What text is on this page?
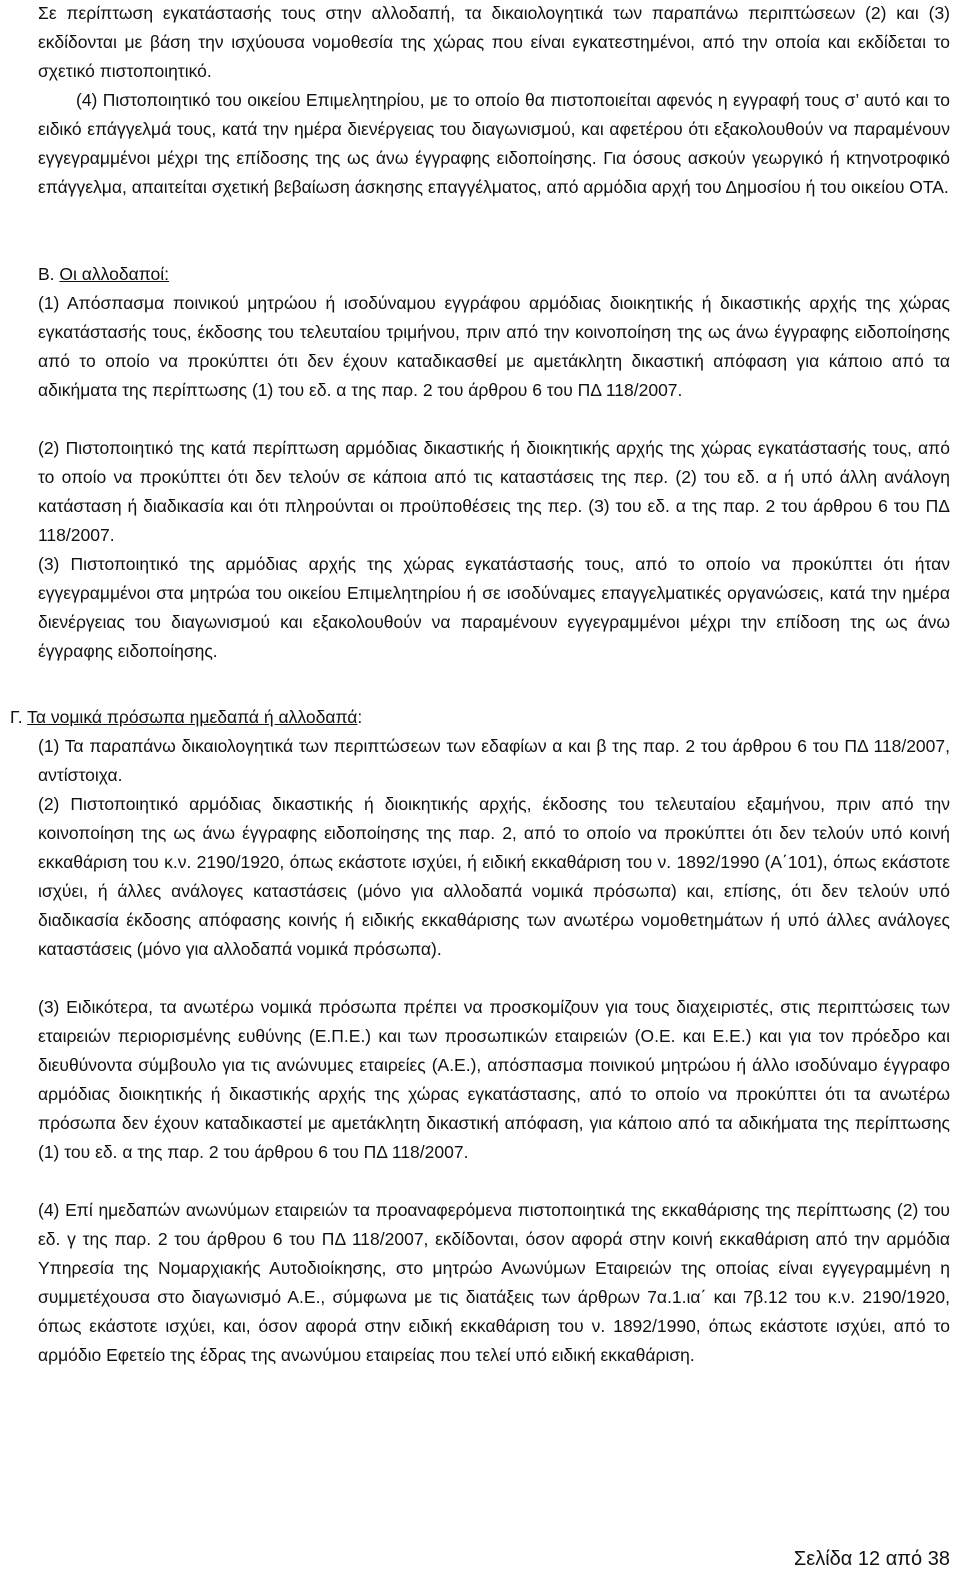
Σε περίπτωση εγκατάστασής τους στην αλλοδαπή, τα δικαιολογητικά των παραπάνω περιπτώσεων (2) και (3) εκδίδονται με βάση την ισχύουσα νομοθεσία της χώρας που είναι εγκατεστημένοι, από την οποία και εκδίδεται το σχετικό πιστοποιητικό.

(4) Πιστοποιητικό του οικείου Επιμελητηρίου, με το οποίο θα πιστοποιείται αφενός η εγγραφή τους σ’ αυτό και το ειδικό επάγγελμά τους, κατά την ημέρα διενέργειας του διαγωνισμού, και αφετέρου ότι εξακολουθούν να παραμένουν εγγεγραμμένοι μέχρι της επίδοσης της ως άνω έγγραφης ειδοποίησης. Για όσους ασκούν γεωργικό ή κτηνοτροφικό επάγγελμα, απαιτείται σχετική βεβαίωση άσκησης επαγγέλματος, από αρμόδια αρχή του Δημοσίου ή του οικείου ΟΤΑ.

Β. Οι αλλοδαποί:

(1) Απόσπασμα ποινικού μητρώου ή ισοδύναμου εγγράφου αρμόδιας διοικητικής ή δικαστικής αρχής της χώρας εγκατάστασής τους, έκδοσης του τελευταίου τριμήνου, πριν από την κοινοποίηση της ως άνω έγγραφης ειδοποίησης από το οποίο να προκύπτει ότι δεν έχουν καταδικασθεί με αμετάκλητη δικαστική απόφαση για κάποιο από τα αδικήματα της περίπτωσης (1) του εδ. α της παρ. 2 του άρθρου 6 του ΠΔ 118/2007.

(2) Πιστοποιητικό της κατά περίπτωση αρμόδιας δικαστικής ή διοικητικής αρχής της χώρας εγκατάστασής τους, από το οποίο να προκύπτει ότι δεν τελούν σε κάποια από τις καταστάσεις της περ. (2) του εδ. α ή υπό άλλη ανάλογη κατάσταση ή διαδικασία και ότι πληρούνται οι προϋποθέσεις της περ. (3) του εδ. α της παρ. 2 του άρθρου 6 του ΠΔ 118/2007.

(3) Πιστοποιητικό της αρμόδιας αρχής της χώρας εγκατάστασής τους, από το οποίο να προκύπτει ότι ήταν εγγεγραμμένοι στα μητρώα του οικείου Επιμελητηρίου ή σε ισοδύναμες επαγγελματικές οργανώσεις, κατά την ημέρα διενέργειας του διαγωνισμού και εξακολουθούν να παραμένουν εγγεγραμμένοι μέχρι την επίδοση της ως άνω έγγραφης ειδοποίησης.

Γ. Τα νομικά πρόσωπα ημεδαπά ή αλλοδαπά:

(1) Τα παραπάνω δικαιολογητικά των περιπτώσεων των εδαφίων α και β της παρ. 2 του άρθρου 6 του ΠΔ 118/2007, αντίστοιχα.

(2) Πιστοποιητικό αρμόδιας δικαστικής ή διοικητικής αρχής, έκδοσης του τελευταίου εξαμήνου, πριν από την κοινοποίηση της ως άνω έγγραφης ειδοποίησης της παρ. 2, από το οποίο να προκύπτει ότι δεν τελούν υπό κοινή εκκαθάριση του κ.ν. 2190/1920, όπως εκάστοτε ισχύει, ή ειδική εκκαθάριση του ν. 1892/1990 (Α΄101), όπως εκάστοτε ισχύει, ή άλλες ανάλογες καταστάσεις (μόνο για αλλοδαπά νομικά πρόσωπα) και, επίσης, ότι δεν τελούν υπό διαδικασία έκδοσης απόφασης κοινής ή ειδικής εκκαθάρισης των ανωτέρω νομοθετημάτων ή υπό άλλες ανάλογες καταστάσεις (μόνο για αλλοδαπά νομικά πρόσωπα).

(3) Ειδικότερα, τα ανωτέρω νομικά πρόσωπα πρέπει να προσκομίζουν για τους διαχειριστές, στις περιπτώσεις των εταιρειών περιορισμένης ευθύνης (Ε.Π.Ε.) και των προσωπικών εταιρειών (Ο.Ε. και Ε.Ε.) και για τον πρόεδρο και διευθύνοντα σύμβουλο για τις ανώνυμες εταιρείες (Α.Ε.), απόσπασμα ποινικού μητρώου ή άλλο ισοδύναμο έγγραφο αρμόδιας διοικητικής ή δικαστικής αρχής της χώρας εγκατάστασης, από το οποίο να προκύπτει ότι τα ανωτέρω πρόσωπα δεν έχουν καταδικαστεί με αμετάκλητη δικαστική απόφαση, για κάποιο από τα αδικήματα της περίπτωσης (1) του εδ. α της παρ. 2 του άρθρου 6 του ΠΔ 118/2007.

(4) Επί ημεδαπών ανωνύμων εταιρειών τα προαναφερόμενα πιστοποιητικά της εκκαθάρισης της περίπτωσης (2) του εδ. γ της παρ. 2 του άρθρου 6 του ΠΔ 118/2007, εκδίδονται, όσον αφορά στην κοινή εκκαθάριση από την αρμόδια Υπηρεσία της Νομαρχιακής Αυτοδιοίκησης, στο μητρώο Ανωνύμων Εταιρειών της οποίας είναι εγγεγραμμένη η συμμετέχουσα στο διαγωνισμό Α.Ε., σύμφωνα με τις διατάξεις των άρθρων 7α.1.ια΄ και 7β.12 του κ.ν. 2190/1920, όπως εκάστοτε ισχύει, και, όσον αφορά στην ειδική εκκαθάριση του ν. 1892/1990, όπως εκάστοτε ισχύει, από το αρμόδιο Εφετείο της έδρας της ανωνύμου εταιρείας που τελεί υπό ειδική εκκαθάριση.

Σελίδα 12 από 38
